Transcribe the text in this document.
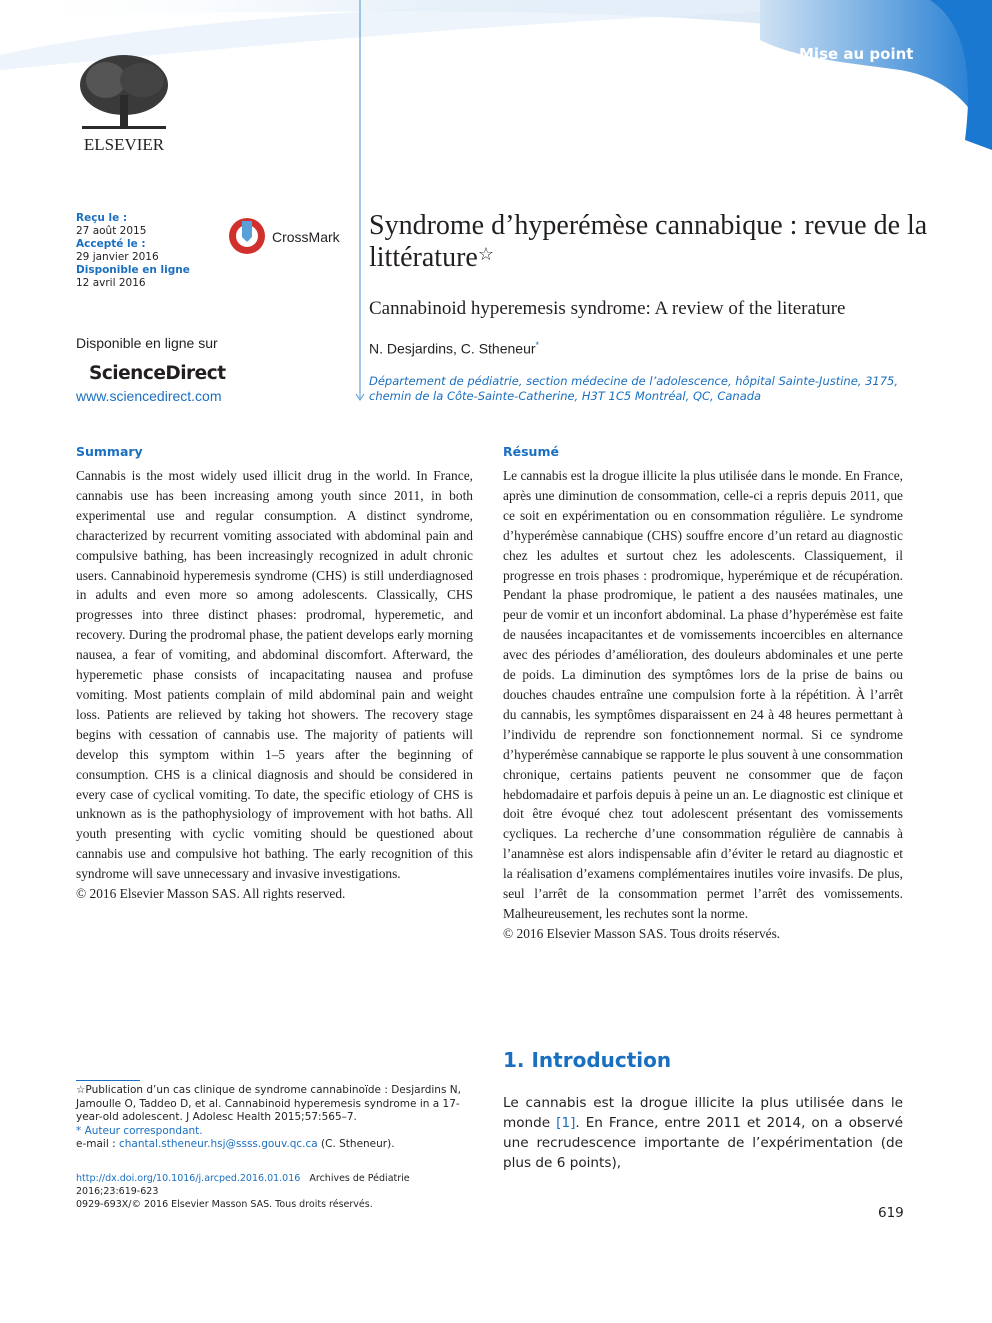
Mise au point
ELSEVIER
Reçu le :
27 août 2015
Accepté le :
29 janvier 2016
Disponible en ligne
12 avril 2016
CrossMark
Disponible en ligne sur
ScienceDirect
www.sciencedirect.com
Syndrome d’hyperémèse cannabique : revue de la littérature☆
Cannabinoid hyperemesis syndrome: A review of the literature
N. Desjardins, C. Stheneur*
Département de pédiatrie, section médecine de l’adolescence, hôpital Sainte-Justine, 3175,
chemin de la Côte-Sainte-Catherine, H3T 1C5 Montréal, QC, Canada
Summary
Cannabis is the most widely used illicit drug in the world. In France, cannabis use has been increasing among youth since 2011, in both experimental use and regular consumption. A distinct syndrome, characterized by recurrent vomiting associated with abdominal pain and compulsive bathing, has been increasingly recognized in adult chronic users. Cannabinoid hyperemesis syndrome (CHS) is still underdiagnosed in adults and even more so among adolescents. Classically, CHS progresses into three distinct phases: prodromal, hyperemetic, and recovery. During the prodromal phase, the patient develops early morning nausea, a fear of vomiting, and abdominal discomfort. Afterward, the hyperemetic phase consists of incapacitating nausea and profuse vomiting. Most patients complain of mild abdominal pain and weight loss. Patients are relieved by taking hot showers. The recovery stage begins with cessation of cannabis use. The majority of patients will develop this symptom within 1–5 years after the beginning of consumption. CHS is a clinical diagnosis and should be considered in every case of cyclical vomiting. To date, the specific etiology of CHS is unknown as is the pathophysiology of improvement with hot baths. All youth presenting with cyclic vomiting should be questioned about cannabis use and compulsive hot bathing. The early recognition of this syndrome will save unnecessary and invasive investigations.
© 2016 Elsevier Masson SAS. All rights reserved.
Résumé
Le cannabis est la drogue illicite la plus utilisée dans le monde. En France, après une diminution de consommation, celle-ci a repris depuis 2011, que ce soit en expérimentation ou en consommation régulière. Le syndrome d’hyperémèse cannabique (CHS) souffre encore d’un retard au diagnostic chez les adultes et surtout chez les adolescents. Classiquement, il progresse en trois phases : prodromique, hyperémique et de récupération. Pendant la phase prodromique, le patient a des nausées matinales, une peur de vomir et un inconfort abdominal. La phase d’hyperémèse est faite de nausées incapacitantes et de vomissements incoercibles en alternance avec des périodes d’amélioration, des douleurs abdominales et une perte de poids. La diminution des symptômes lors de la prise de bains ou douches chaudes entraîne une compulsion forte à la répétition. À l’arrêt du cannabis, les symptômes disparaissent en 24 à 48 heures permettant à l’individu de reprendre son fonctionnement normal. Si ce syndrome d’hyperémèse cannabique se rapporte le plus souvent à une consommation chronique, certains patients peuvent ne consommer que de façon hebdomadaire et parfois depuis à peine un an. Le diagnostic est clinique et doit être évoqué chez tout adolescent présentant des vomissements cycliques. La recherche d’une consommation régulière de cannabis à l’anamnèse est alors indispensable afin d’éviter le retard au diagnostic et la réalisation d’examens complémentaires inutiles voire invasifs. De plus, seul l’arrêt de la consommation permet l’arrêt des vomissements. Malheureusement, les rechutes sont la norme.
© 2016 Elsevier Masson SAS. Tous droits réservés.
1. Introduction
Le cannabis est la drogue illicite la plus utilisée dans le monde [1]. En France, entre 2011 et 2014, on a observé une recrudescence importante de l’expérimentation (de plus de 6 points),
☆Publication d’un cas clinique de syndrome cannabinoïde : Desjardins N, Jamoulle O, Taddeo D, et al. Cannabinoid hyperemesis syndrome in a 17-year-old adolescent. J Adolesc Health 2015;57:565–7.
* Auteur correspondant.
e-mail : chantal.stheneur.hsj@ssss.gouv.qc.ca (C. Stheneur).
http://dx.doi.org/10.1016/j.arcped.2016.01.016 Archives de Pédiatrie 2016;23:619-623
0929-693X/© 2016 Elsevier Masson SAS. Tous droits réservés.
619
